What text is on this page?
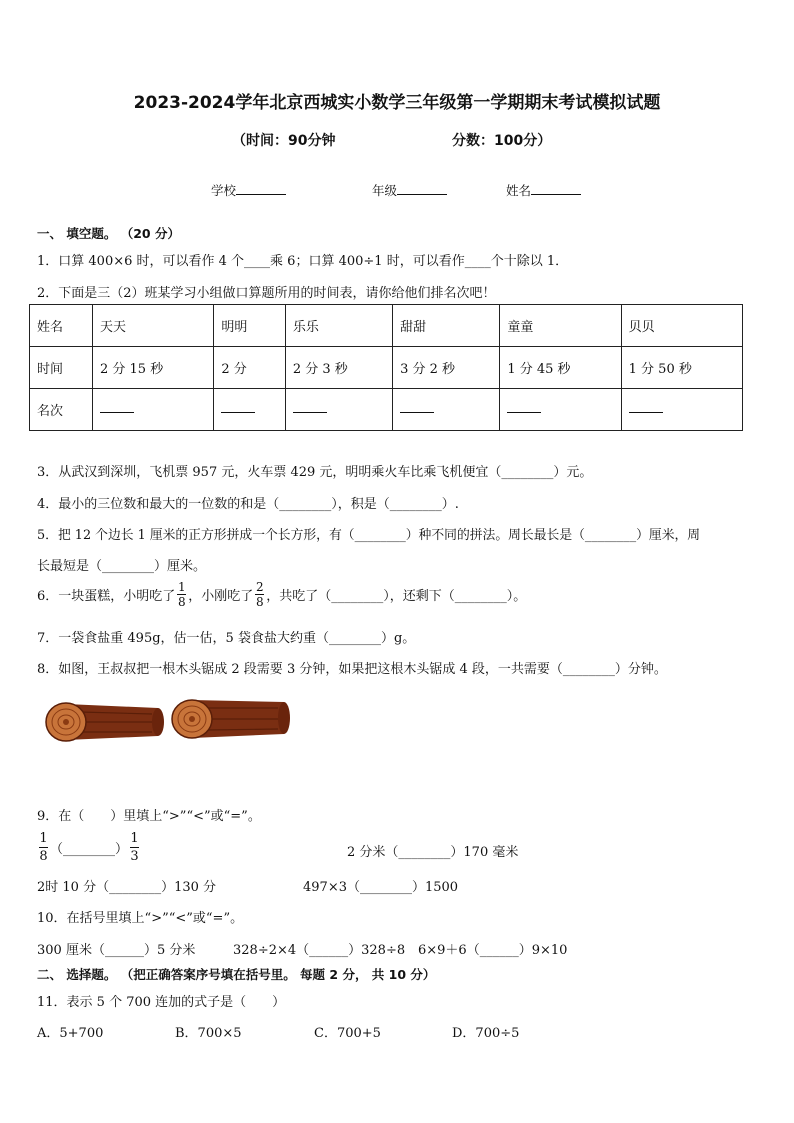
2023-2024学年北京西城实小数学三年级第一学期期末考试模拟试题
（时间：90分钟	分数：100分）
学校	年级	姓名
一、 填空题。 （20 分）
1．口算 400×6 时，可以看作 4 个____乘 6；口算 400÷1 时，可以看作____个十除以 1．
2．下面是三（2）班某学习小组做口算题所用的时间表，请你给他们排名次吧！
姓名	天天	明明	乐乐	甜甜	童童	贝贝
时间	2 分 15 秒	2 分	2 分 3 秒	3 分 2 秒	1 分 45 秒	1 分 50 秒
名次						
3．从武汉到深圳，飞机票 957 元，火车票 429 元，明明乘火车比乘飞机便宜（________）元。
4．最小的三位数和最大的一位数的和是（________），积是（________）.
5．把 12 个边长 1 厘米的正方形拼成一个长方形，有（________）种不同的拼法。周长最长是（________）厘米，周
长最短是（________）厘米。
6．一块蛋糕，小明吃了 $\frac{1}{8}$ ，小刚吃了 $\frac{2}{8}$ ，共吃了（________），还剩下（________）。
7．一袋食盐重 495g，估一估，5 袋食盐大约重（________）g。
8．如图，王叔叔把一根木头锯成 2 段需要 3 分钟，如果把这根木头锯成 4 段，一共需要（________）分钟。
9．在（　　）里填上“>”“<”或“=”。
$\frac{1}{8}$ （________） $\frac{1}{3}$	2 分米（________）170 毫米
2时 10 分（________）130 分	497×3（________）1500
10．在括号里填上“>”“<”或“=”。
300 厘米（______）5 分米	328÷2×4（______）328÷8 6×9＋6（______）9×10
二、 选择题。 （把正确答案序号填在括号里。 每题 2 分， 共 10 分）
11．表示 5 个 700 连加的式子是（　　）
A．5+700	B．700×5	C．700+5	D．700÷5
